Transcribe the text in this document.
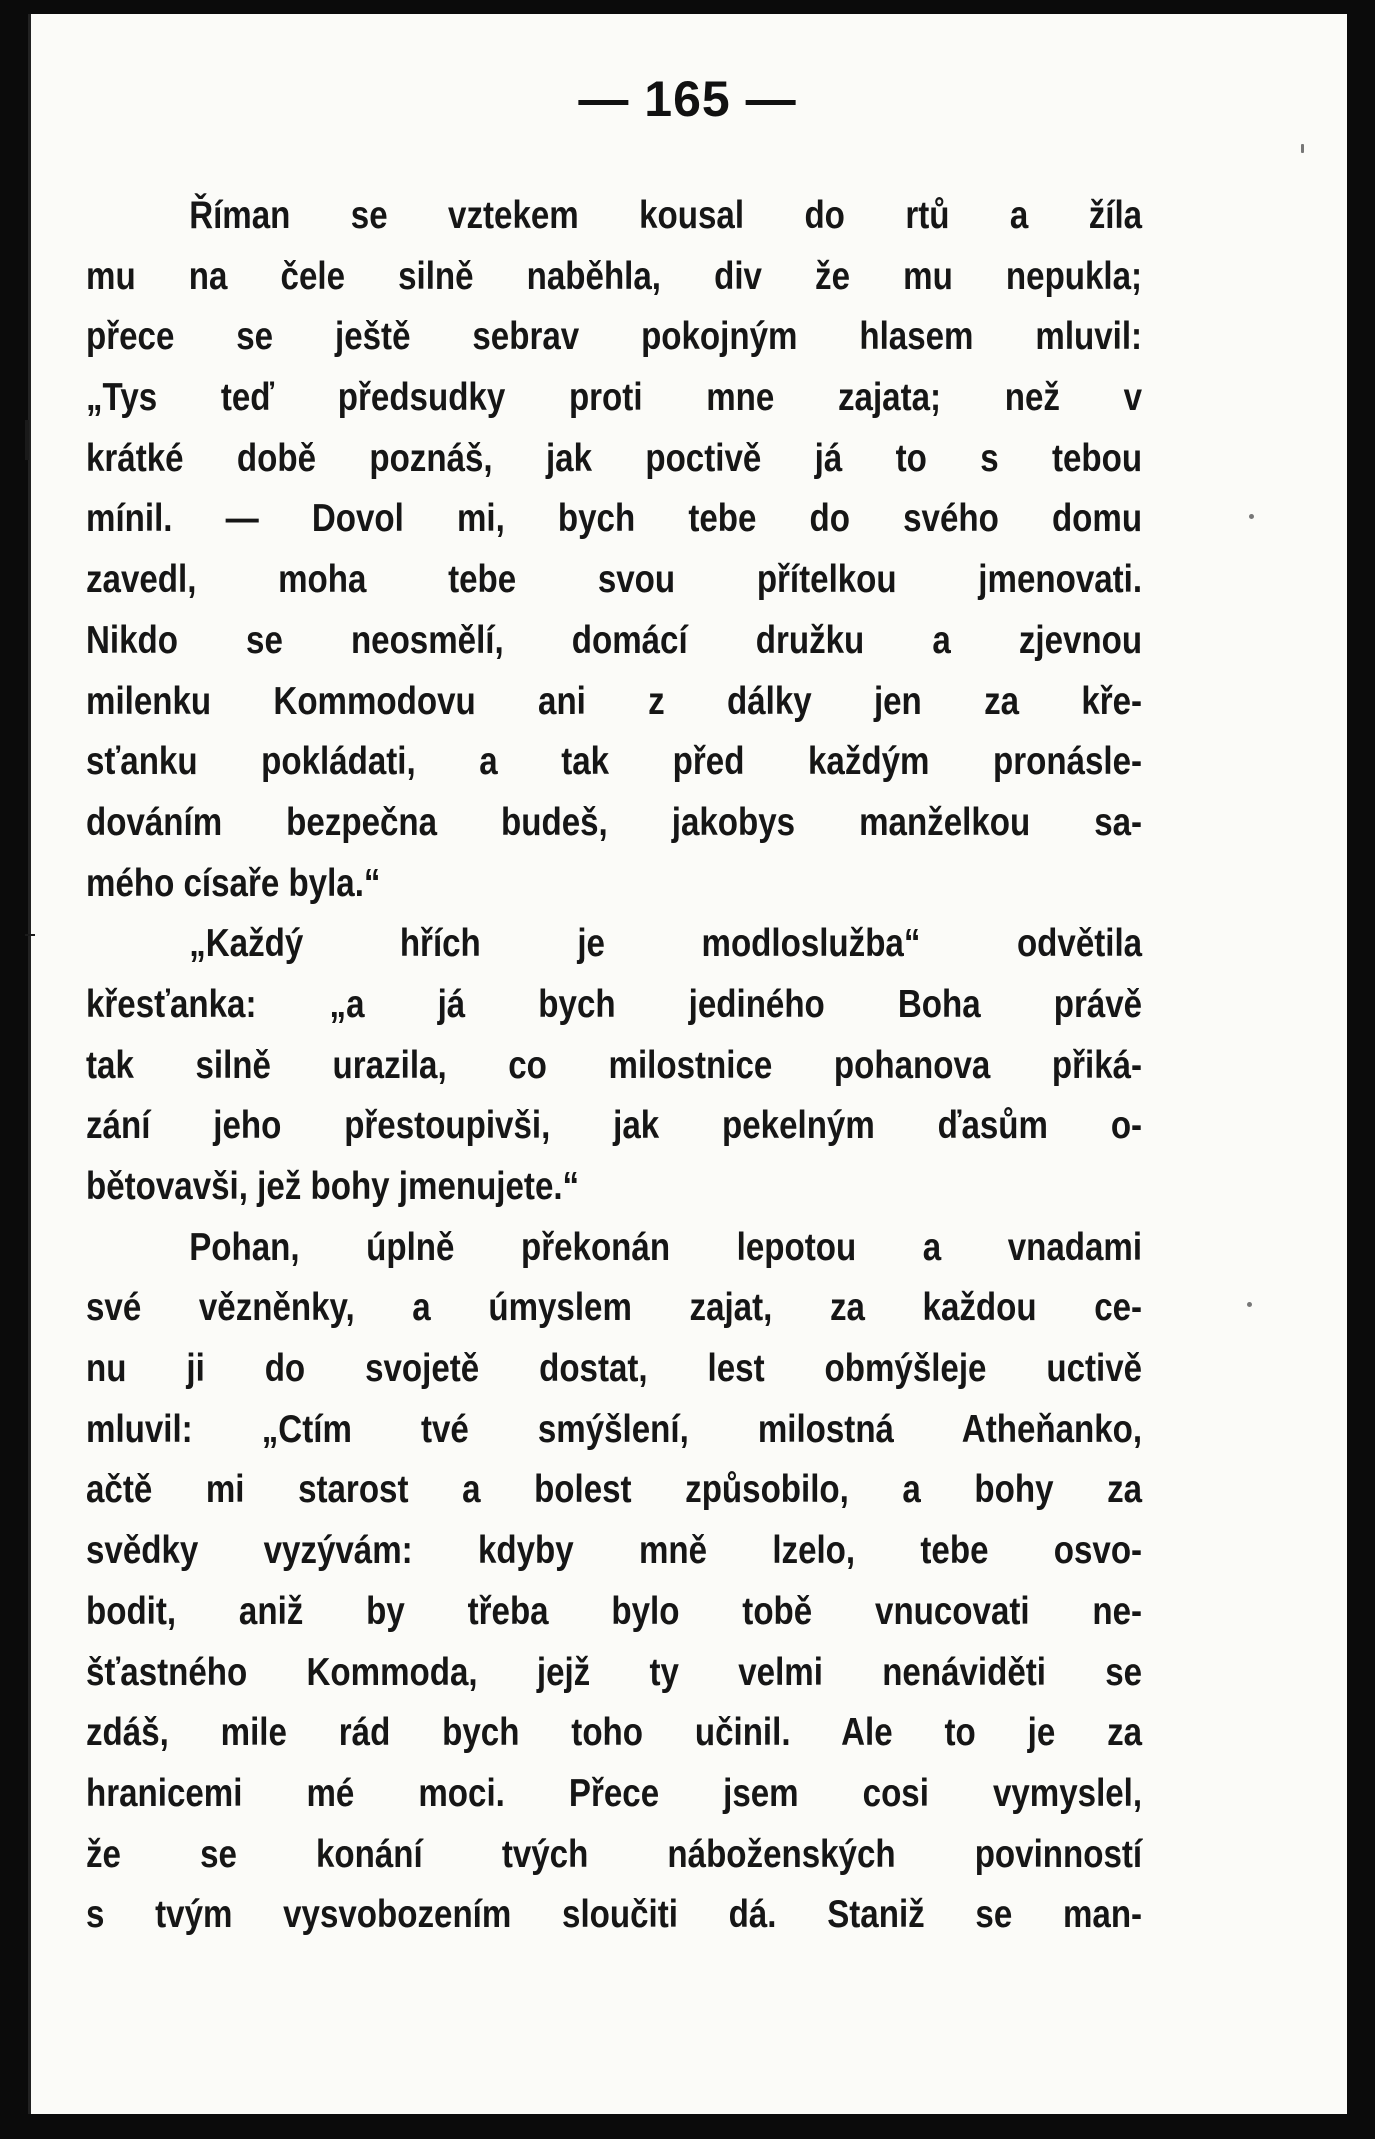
— 165 —
Říman se vztekem kousal do rtů a žíla
mu na čele silně naběhla, div že mu nepukla;
přece se ještě sebrav pokojným hlasem mluvil:
„Tys teď předsudky proti mne zajata; než v
krátké době poznáš, jak poctivě já to s tebou
mínil. — Dovol mi, bych tebe do svého domu
zavedl, moha tebe svou přítelkou jmenovati.
Nikdo se neosmělí, domácí družku a zjevnou
milenku Kommodovu ani z dálky jen za kře-
sťanku pokládati, a tak před každým pronásle-
dováním bezpečna budeš, jakobys manželkou sa-
mého císaře byla.“
„Každý hřích je modloslužba“ odvětila
křesťanka: „a já bych jediného Boha právě
tak silně urazila, co milostnice pohanova přiká-
zání jeho přestoupivši, jak pekelným ďasům o-
bětovavši, jež bohy jmenujete.“
Pohan, úplně překonán lepotou a vnadami
své vězněnky, a úmyslem zajat, za každou ce-
nu ji do svojetě dostat, lest obmýšleje uctivě
mluvil: „Ctím tvé smýšlení, milostná Atheňanko,
ačtě mi starost a bolest způsobilo, a bohy za
svědky vyzývám: kdyby mně lzelo, tebe osvo-
bodit, aniž by třeba bylo tobě vnucovati ne-
šťastného Kommoda, jejž ty velmi nenáviděti se
zdáš, mile rád bych toho učinil. Ale to je za
hranicemi mé moci. Přece jsem cosi vymyslel,
že se konání tvých náboženských povinností
s tvým vysvobozením sloučiti dá. Staniž se man-
